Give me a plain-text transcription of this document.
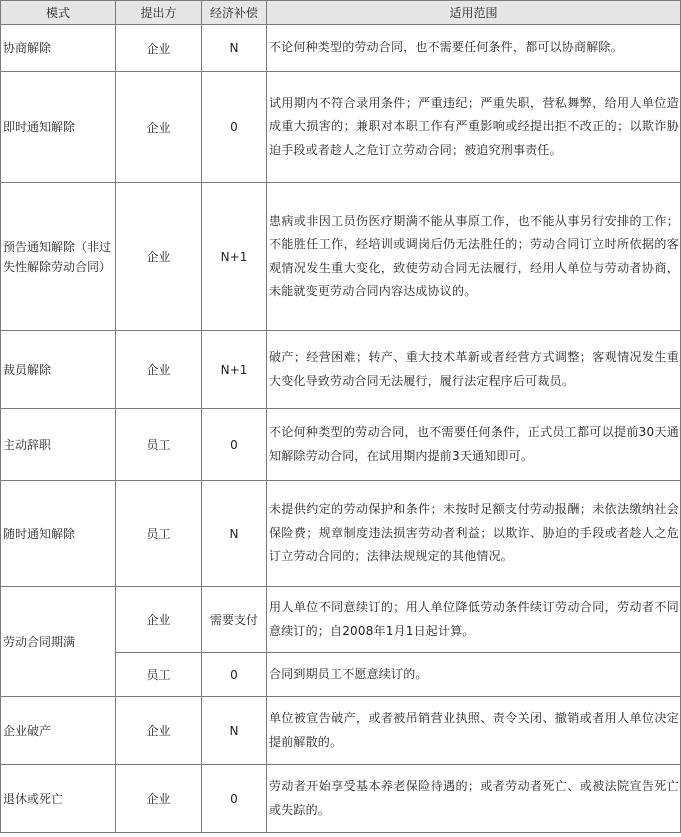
模式	提出方	经济补偿	适用范围
协商解除	企业	N	不论何种类型的劳动合同，也不需要任何条件，都可以协商解除。
即时通知解除	企业	0	试用期内不符合录用条件；严重违纪；严重失职，营私舞弊，给用人单位造成重大损害的；兼职对本职工作有严重影响或经提出拒不改正的；以欺诈胁迫手段或者趁人之危订立劳动合同；被追究刑事责任。
预告通知解除（非过失性解除劳动合同）	企业	N+1	患病或非因工员伤医疗期满不能从事原工作，也不能从事另行安排的工作；不能胜任工作，经培训或调岗后仍无法胜任的；劳动合同订立时所依据的客观情况发生重大变化，致使劳动合同无法履行，经用人单位与劳动者协商，未能就变更劳动合同内容达成协议的。
裁员解除	企业	N+1	破产；经营困难；转产、重大技术革新或者经营方式调整；客观情况发生重大变化导致劳动合同无法履行，履行法定程序后可裁员。
主动辞职	员工	0	不论何种类型的劳动合同，也不需要任何条件，正式员工都可以提前30天通知解除劳动合同，在试用期内提前3天通知即可。
随时通知解除	员工	N	未提供约定的劳动保护和条件；未按时足额支付劳动报酬；未依法缴纳社会保险费；规章制度违法损害劳动者利益；以欺诈、胁迫的手段或者趁人之危订立劳动合同的；法律法规规定的其他情况。
劳动合同期满	企业	需要支付	用人单位不同意续订的；用人单位降低劳动条件续订劳动合同，劳动者不同意续订的；自2008年1月1日起计算。
	员工	0	合同到期员工不愿意续订的。
企业破产	企业	N	单位被宣告破产，或者被吊销营业执照、责令关闭、撤销或者用人单位决定提前解散的。
退休或死亡	企业	0	劳动者开始享受基本养老保险待遇的；或者劳动者死亡、或被法院宣告死亡或失踪的。
